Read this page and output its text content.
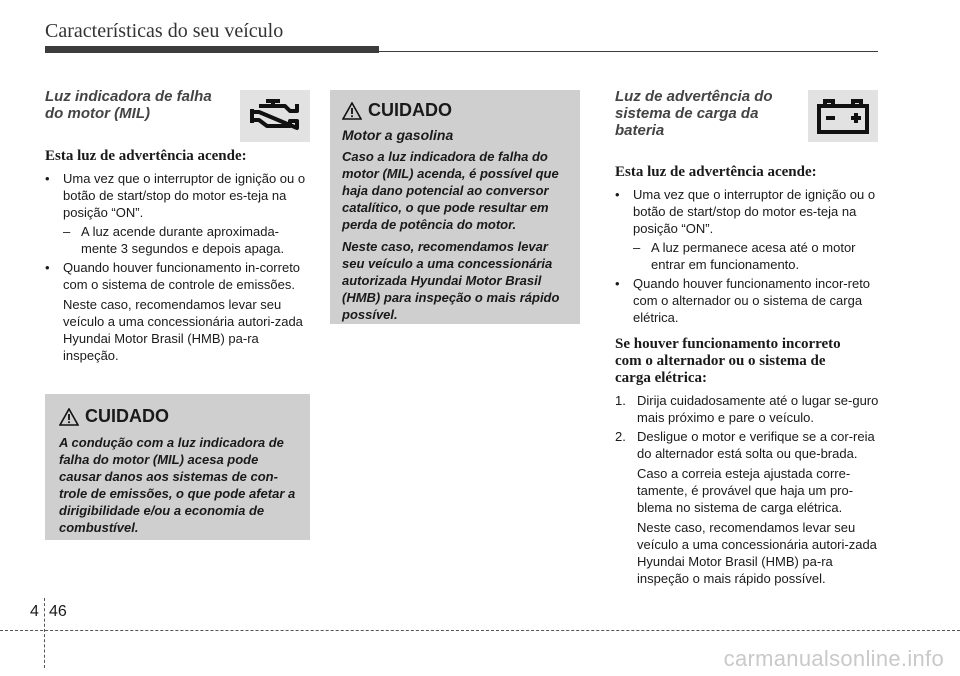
Características do seu veículo
Luz indicadora de falha
do motor (MIL)
Esta luz de advertência acende:
• Uma vez que o interruptor de ignição ou o botão de start/stop do motor es-teja na posição “ON”.
– A luz acende durante aproximada-mente 3 segundos e depois apaga.
• Quando houver funcionamento in-correto com o sistema de controle de emissões.
Neste caso, recomendamos levar seu veículo a uma concessionária autori-zada Hyundai Motor Brasil (HMB) pa-ra inspeção.
CUIDADO
A condução com a luz indicadora de falha do motor (MIL) acesa pode causar danos aos sistemas de con-trole de emissões, o que pode afetar a dirigibilidade e/ou a economia de combustível.
CUIDADO
Motor a gasolina
Caso a luz indicadora de falha do motor (MIL) acenda, é possível que haja dano potencial ao conversor catalítico, o que pode resultar em perda de potência do motor.
Neste caso, recomendamos levar seu veículo a uma concessionária autorizada Hyundai Motor Brasil (HMB) para inspeção o mais rápido possível.
Luz de advertência do
sistema de carga da
bateria
Esta luz de advertência acende:
• Uma vez que o interruptor de ignição ou o botão de start/stop do motor es-teja na posição “ON”.
– A luz permanece acesa até o motor entrar em funcionamento.
• Quando houver funcionamento incor-reto com o alternador ou o sistema de carga elétrica.
Se houver funcionamento incorreto
com o alternador ou o sistema de
carga elétrica:
1. Dirija cuidadosamente até o lugar se-guro mais próximo e pare o veículo.
2. Desligue o motor e verifique se a cor-reia do alternador está solta ou que-brada.
Caso a correia esteja ajustada corre-tamente, é provável que haja um pro-blema no sistema de carga elétrica.
Neste caso, recomendamos levar seu veículo a uma concessionária autori-zada Hyundai Motor Brasil (HMB) pa-ra inspeção o mais rápido possível.
4 46
carmanualsonline.info
